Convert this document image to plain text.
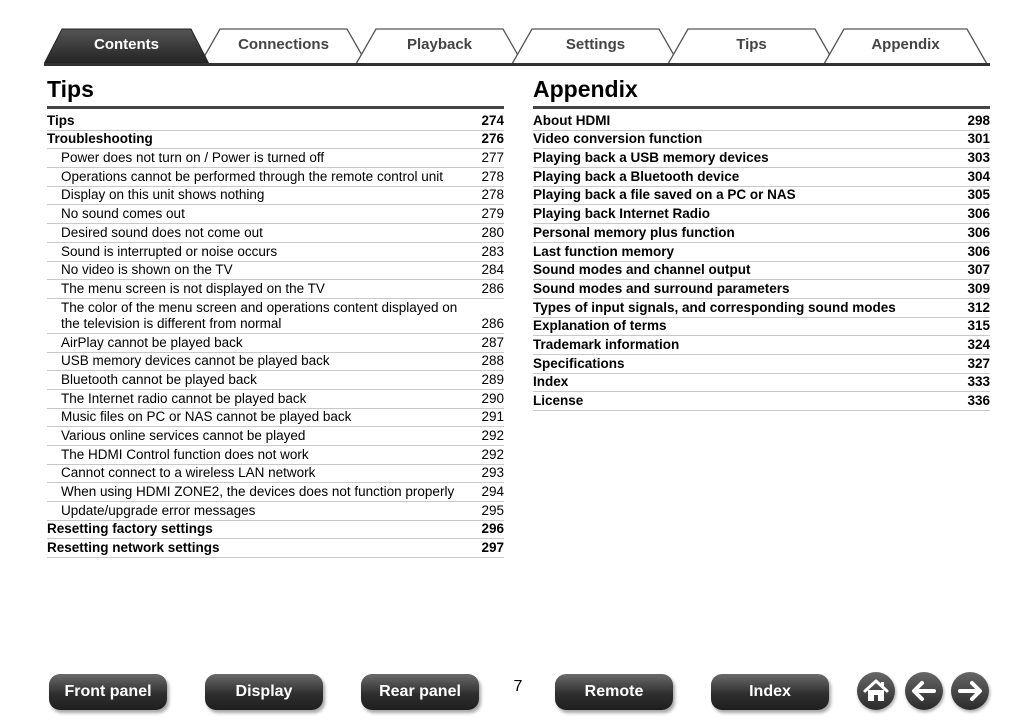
Contents	Connections	Playback	Settings	Tips	Appendix
Tips
Tips	274
Troubleshooting	276
Power does not turn on / Power is turned off	277
Operations cannot be performed through the remote control unit	278
Display on this unit shows nothing	278
No sound comes out	279
Desired sound does not come out	280
Sound is interrupted or noise occurs	283
No video is shown on the TV	284
The menu screen is not displayed on the TV	286
The color of the menu screen and operations content displayed on the television is different from normal	286
AirPlay cannot be played back	287
USB memory devices cannot be played back	288
Bluetooth cannot be played back	289
The Internet radio cannot be played back	290
Music files on PC or NAS cannot be played back	291
Various online services cannot be played	292
The HDMI Control function does not work	292
Cannot connect to a wireless LAN network	293
When using HDMI ZONE2, the devices does not function properly	294
Update/upgrade error messages	295
Resetting factory settings	296
Resetting network settings	297
Appendix
About HDMI	298
Video conversion function	301
Playing back a USB memory devices	303
Playing back a Bluetooth device	304
Playing back a file saved on a PC or NAS	305
Playing back Internet Radio	306
Personal memory plus function	306
Last function memory	306
Sound modes and channel output	307
Sound modes and surround parameters	309
Types of input signals, and corresponding sound modes	312
Explanation of terms	315
Trademark information	324
Specifications	327
Index	333
License	336
Front panel	Display	Rear panel	7	Remote	Index
